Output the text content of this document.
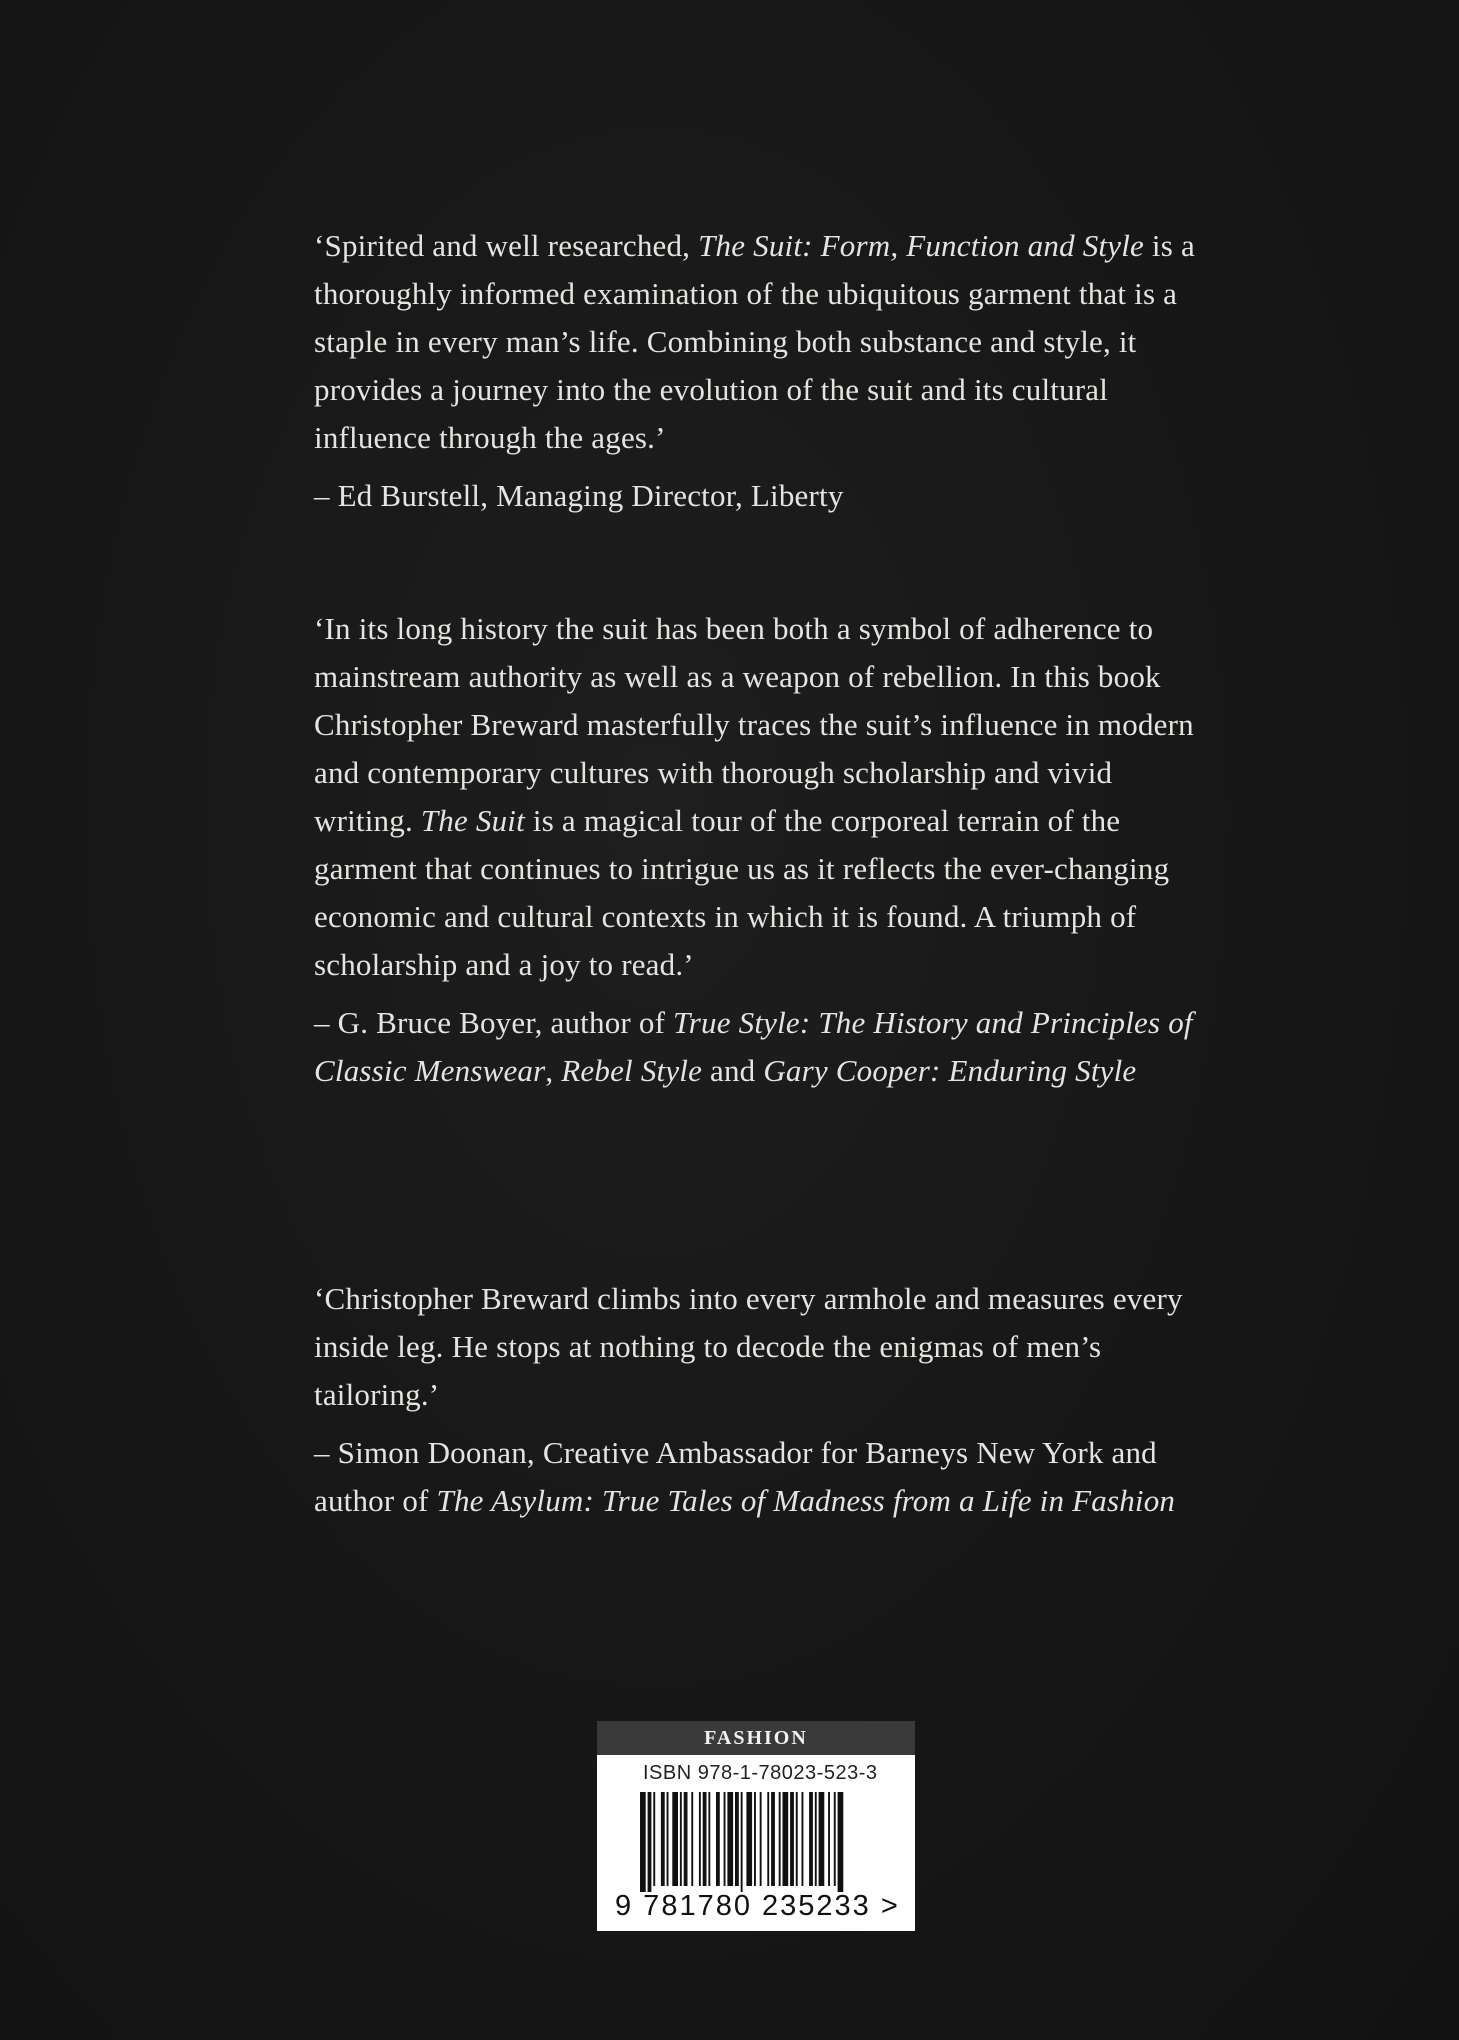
‘Spirited and well researched, The Suit: Form, Function and Style is a thoroughly informed examination of the ubiquitous garment that is a staple in every man’s life. Combining both substance and style, it provides a journey into the evolution of the suit and its cultural influence through the ages.’

– Ed Burstell, Managing Director, Liberty

‘In its long history the suit has been both a symbol of adherence to mainstream authority as well as a weapon of rebellion. In this book Christopher Breward masterfully traces the suit’s influence in modern and contemporary cultures with thorough scholarship and vivid writing. The Suit is a magical tour of the corporeal terrain of the garment that continues to intrigue us as it reflects the ever-changing economic and cultural contexts in which it is found. A triumph of scholarship and a joy to read.’

– G. Bruce Boyer, author of True Style: The History and Principles of Classic Menswear, Rebel Style and Gary Cooper: Enduring Style

‘Christopher Breward climbs into every armhole and measures every inside leg. He stops at nothing to decode the enigmas of men’s tailoring.’

– Simon Doonan, Creative Ambassador for Barneys New York and author of The Asylum: True Tales of Madness from a Life in Fashion

FASHION
ISBN 978-1-78023-523-3
9 781780 235233 >
